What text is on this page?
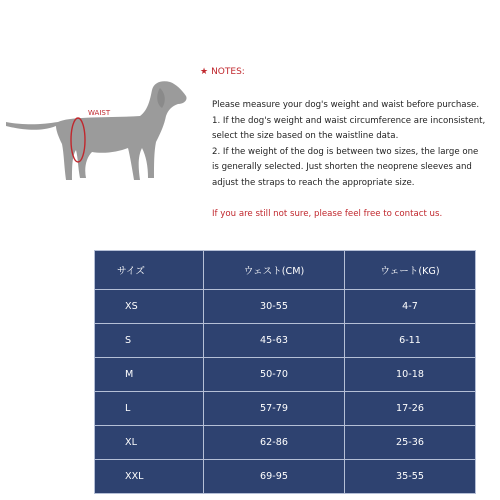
WAIST
★ NOTES:
Please measure your dog's weight and waist before purchase.
1. If the dog's weight and waist circumference are inconsistent,
select the size based on the waistline data.
2. If the weight of the dog is between two sizes, the large one
is generally selected. Just shorten the neoprene sleeves and
adjust the straps to reach the appropriate size.
If you are still not sure, please feel free to contact us.
サイズ	ウェスト(CM)	ウェート(KG)
XS	30-55	4-7
S	45-63	6-11
M	50-70	10-18
L	57-79	17-26
XL	62-86	25-36
XXL	69-95	35-55
